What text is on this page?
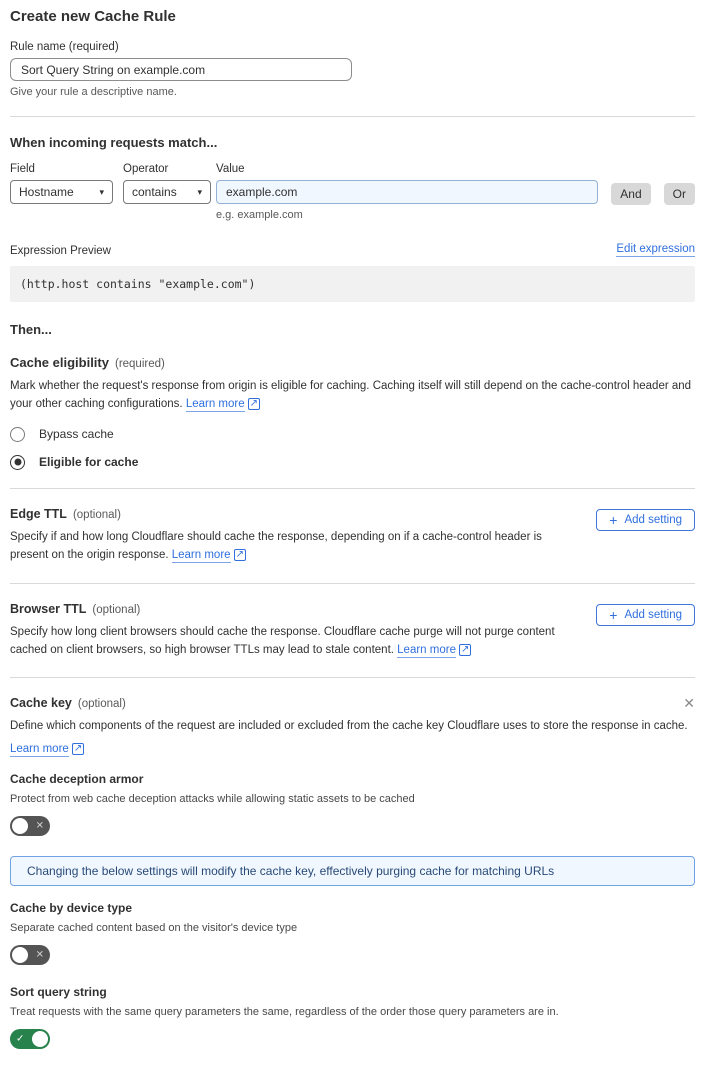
Create new Cache Rule
Rule name (required)
Sort Query String on example.com
Give your rule a descriptive name.
When incoming requests match...
Field
Hostname	▾
Operator
contains ▾
Value
example.com
e.g. example.com
And	Or
Expression Preview	Edit expression
(http.host contains "example.com")
Then...
Cache eligibility (required)
Mark whether the request's response from origin is eligible for caching. Caching itself will still depend on the cache-control header and your other caching configurations. Learn more ↗
Bypass cache
Eligible for cache
Edge TTL (optional)
Specify if and how long Cloudflare should cache the response, depending on if a cache-control header is present on the origin response. Learn more ↗
+ Add setting
Browser TTL (optional)
Specify how long client browsers should cache the response. Cloudflare cache purge will not purge content cached on client browsers, so high browser TTLs may lead to stale content. Learn more ↗
+ Add setting
Cache key (optional)	✕
Define which components of the request are included or excluded from the cache key Cloudflare uses to store the response in cache.
Learn more ↗
Cache deception armor
Protect from web cache deception attacks while allowing static assets to be cached
✕
Changing the below settings will modify the cache key, effectively purging cache for matching URLs
Cache by device type
Separate cached content based on the visitor's device type
✕
Sort query string
Treat requests with the same query parameters the same, regardless of the order those query parameters are in.
✓
